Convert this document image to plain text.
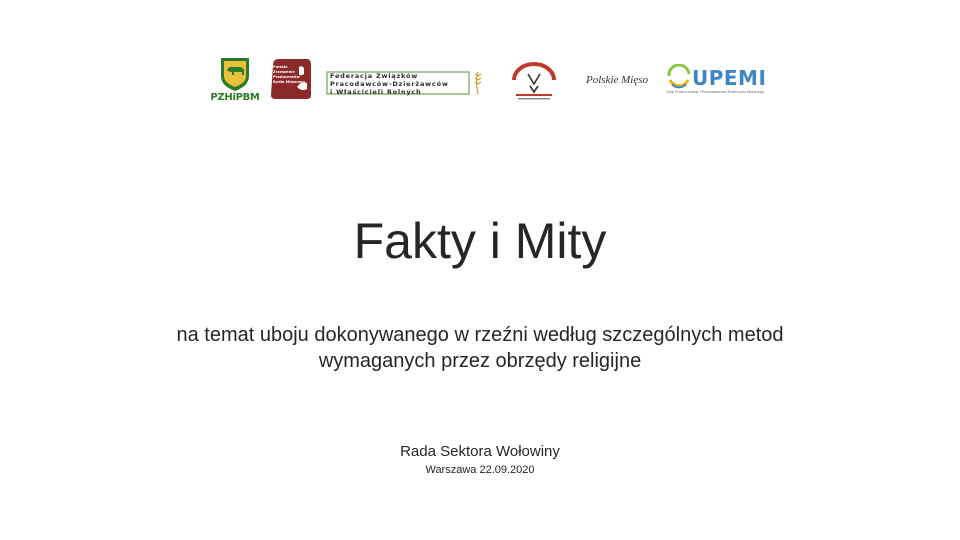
PZHiPBM
Polskie
Zrzeszenie
Producentów
Bydła Mięsnego
Federacja Związków
Pracodawców-Dzierżawców
i Właścicieli Rolnych
Polskie Mięso UPEMI
Unia Producentów i Pracodawców Przemysłu Mięsnego
Fakty i Mity
na temat uboju dokonywanego w rzeźni według szczególnych metod
wymaganych przez obrzędy religijne
Rada Sektora Wołowiny
Warszawa 22.09.2020
